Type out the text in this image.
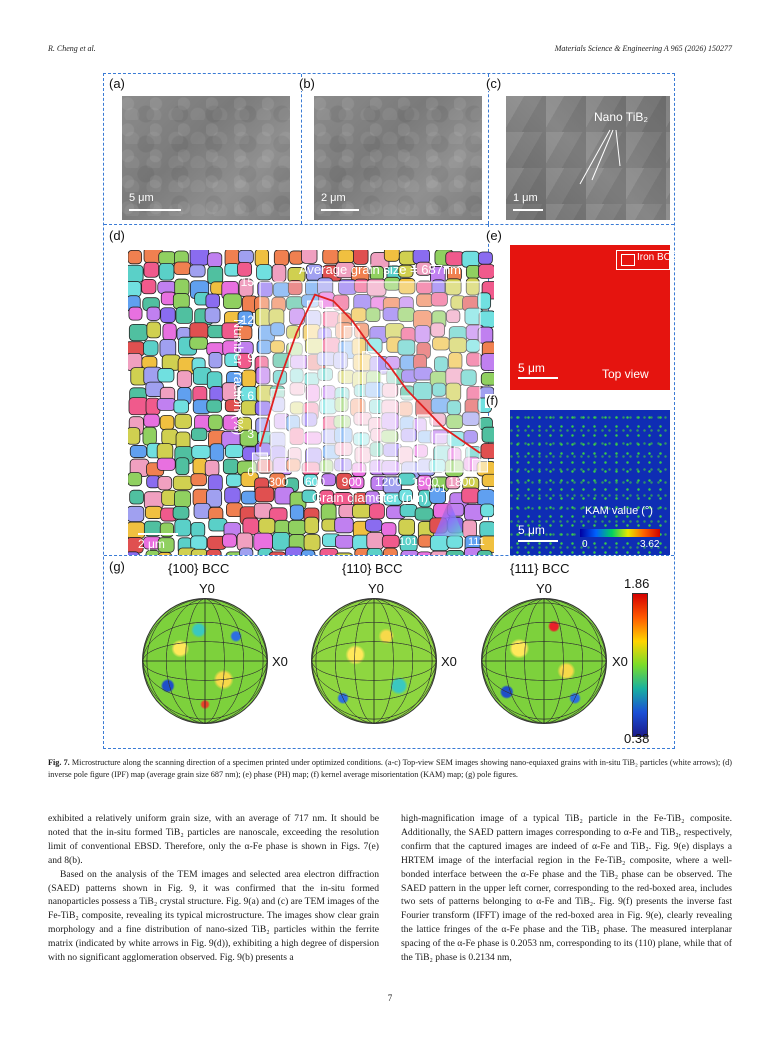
R. Cheng et al.	Materials Science & Engineering A 965 (2026) 150277
(a)
5 μm
(b)
2 μm
(c)
Nano TiB₂
1 μm
(d)
300 600 900 1200 1500 1800
0
3
6
9
12
15
Average grain size = 687nm
Grain diameter (nm)
Number fraction (%)
2 μm
001
101	111
(e)
Iron BCC
5 μm	Top view
(f)
KAM value (°)
0	3.62
5 μm
(g)	{100} BCC	{110} BCC	{111} BCC
Y0	Y0	Y0
X0	X0	X0
1.86
0.38
Fig. 7. Microstructure along the scanning direction of a specimen printed under optimized conditions. (a-c) Top-view SEM images showing nano-equiaxed grains with in-situ TiB₂ particles (white arrows); (d) inverse pole figure (IPF) map (average grain size 687 nm); (e) phase (PH) map; (f) kernel average misorientation (KAM) map; (g) pole figures.

exhibited a relatively uniform grain size, with an average of 717 nm. It should be noted that the in-situ formed TiB₂ particles are nanoscale, exceeding the resolution limit of conventional EBSD. Therefore, only the α-Fe phase is shown in Figs. 7(e) and 8(b).

Based on the analysis of the TEM images and selected area electron diffraction (SAED) patterns shown in Fig. 9, it was confirmed that the in-situ formed nanoparticles possess a TiB₂ crystal structure. Fig. 9(a) and (c) are TEM images of the Fe-TiB₂ composite, revealing its typical microstructure. The images show clear grain morphology and a fine distribution of nano-sized TiB₂ particles within the ferrite matrix (indicated by white arrows in Fig. 9(d)), exhibiting a high degree of dispersion with no significant agglomeration observed. Fig. 9(b) presents a

high-magnification image of a typical TiB₂ particle in the Fe-TiB₂ composite. Additionally, the SAED pattern images corresponding to α-Fe and TiB₂, respectively, confirm that the captured images are indeed of α-Fe and TiB₂. Fig. 9(e) displays a HRTEM image of the interfacial region in the Fe-TiB₂ composite, where a well-bonded interface between the α-Fe phase and the TiB₂ phase can be observed. The SAED pattern in the upper left corner, corresponding to the red-boxed area, includes two sets of patterns belonging to α-Fe and TiB₂. Fig. 9(f) presents the inverse fast Fourier transform (IFFT) image of the red-boxed area in Fig. 9(e), clearly revealing the lattice fringes of the α-Fe phase and the TiB₂ phase. The measured interplanar spacing of the α-Fe phase is 0.2053 nm, corresponding to its (110) plane, while that of the TiB₂ phase is 0.2134 nm,

7
